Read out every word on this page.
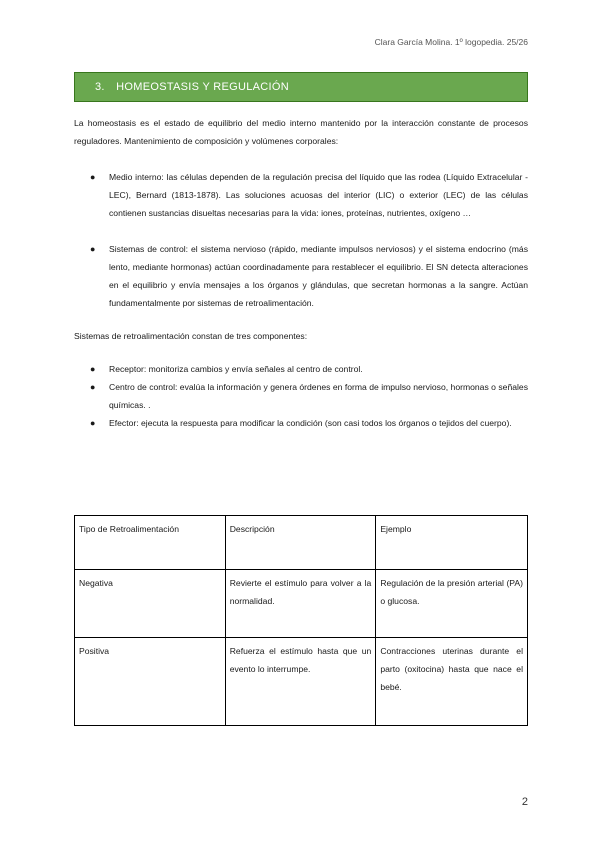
Clara García Molina. 1º logopedia. 25/26
3. HOMEOSTASIS Y REGULACIÓN

La homeostasis es el estado de equilibrio del medio interno mantenido por la interacción constante de procesos reguladores. Mantenimiento de composición y volúmenes corporales:

● Medio interno: las células dependen de la regulación precisa del líquido que las rodea (Líquido Extracelular - LEC), Bernard (1813-1878). Las soluciones acuosas del interior (LIC) o exterior (LEC) de las células contienen sustancias disueltas necesarias para la vida: iones, proteínas, nutrientes, oxígeno …
● Sistemas de control: el sistema nervioso (rápido, mediante impulsos nerviosos) y el sistema endocrino (más lento, mediante hormonas) actúan coordinadamente para restablecer el equilibrio. El SN detecta alteraciones en el equilibrio y envía mensajes a los órganos y glándulas, que secretan hormonas a la sangre. Actúan fundamentalmente por sistemas de retroalimentación.

Sistemas de retroalimentación constan de tres componentes:

● Receptor: monitoriza cambios y envía señales al centro de control.
● Centro de control: evalúa la información y genera órdenes en forma de impulso nervioso, hormonas o señales químicas. .
● Efector: ejecuta la respuesta para modificar la condición (son casi todos los órganos o tejidos del cuerpo).
Tipo de Retroalimentación	Descripción	Ejemplo
Negativa	Revierte el estímulo para volver a la normalidad.	Regulación de la presión arterial (PA) o glucosa.
Positiva	Refuerza el estímulo hasta que un evento lo interrumpe.	Contracciones uterinas durante el parto (oxitocina) hasta que nace el bebé.
2
